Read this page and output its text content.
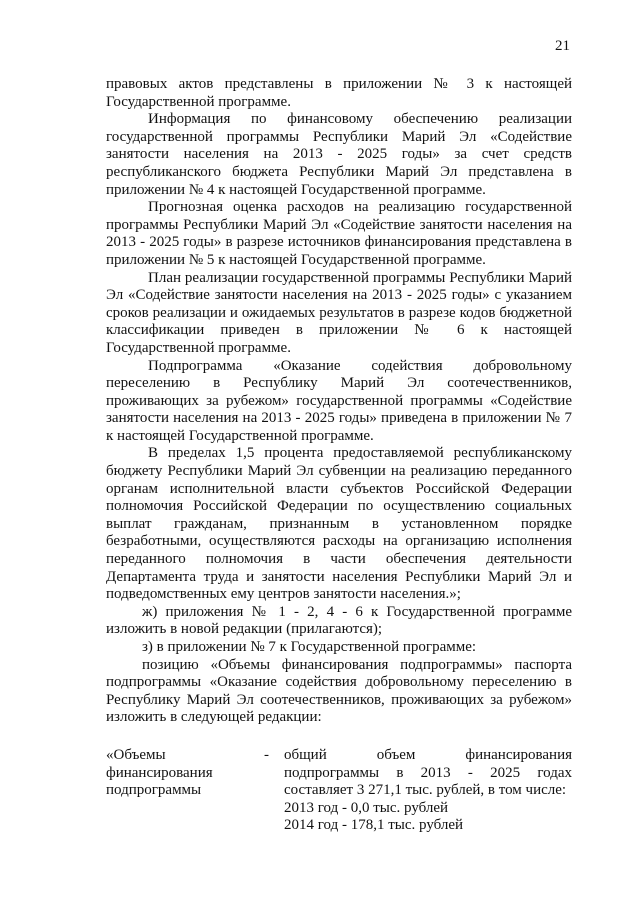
21

правовых актов представлены в приложении № 3 к настоящей Государственной программе.

Информация по финансовому обеспечению реализации государственной программы Республики Марий Эл «Содействие занятости населения на 2013 - 2025 годы» за счет средств республиканского бюджета Республики Марий Эл представлена в приложении № 4 к настоящей Государственной программе.

Прогнозная оценка расходов на реализацию государственной программы Республики Марий Эл «Содействие занятости населения на 2013 - 2025 годы» в разрезе источников финансирования представлена в приложении № 5 к настоящей Государственной программе.

План реализации государственной программы Республики Марий Эл «Содействие занятости населения на 2013 - 2025 годы» с указанием сроков реализации и ожидаемых результатов в разрезе кодов бюджетной классификации приведен в приложении № 6 к настоящей Государственной программе.

Подпрограмма «Оказание содействия добровольному переселению в Республику Марий Эл соотечественников, проживающих за рубежом» государственной программы «Содействие занятости населения на 2013 - 2025 годы» приведена в приложении № 7 к настоящей Государственной программе.

В пределах 1,5 процента предоставляемой республиканскому бюджету Республики Марий Эл субвенции на реализацию переданного органам исполнительной власти субъектов Российской Федерации полномочия Российской Федерации по осуществлению социальных выплат гражданам, признанным в установленном порядке безработными, осуществляются расходы на организацию исполнения переданного полномочия в части обеспечения деятельности Департамента труда и занятости населения Республики Марий Эл и подведомственных ему центров занятости населения.»;

ж) приложения № 1 - 2, 4 - 6 к Государственной программе изложить в новой редакции (прилагаются);

з) в приложении № 7 к Государственной программе:

позицию «Объемы финансирования подпрограммы» паспорта подпрограммы «Оказание содействия добровольному переселению в Республику Марий Эл соотечественников, проживающих за рубежом» изложить в следующей редакции:

«Объемы
финансирования
подпрограммы
-	общий объем финансирования подпрограммы в 2013 - 2025 годах составляет 3 271,1 тыс. рублей, в том числе:
2013 год - 0,0 тыс. рублей
2014 год - 178,1 тыс. рублей
